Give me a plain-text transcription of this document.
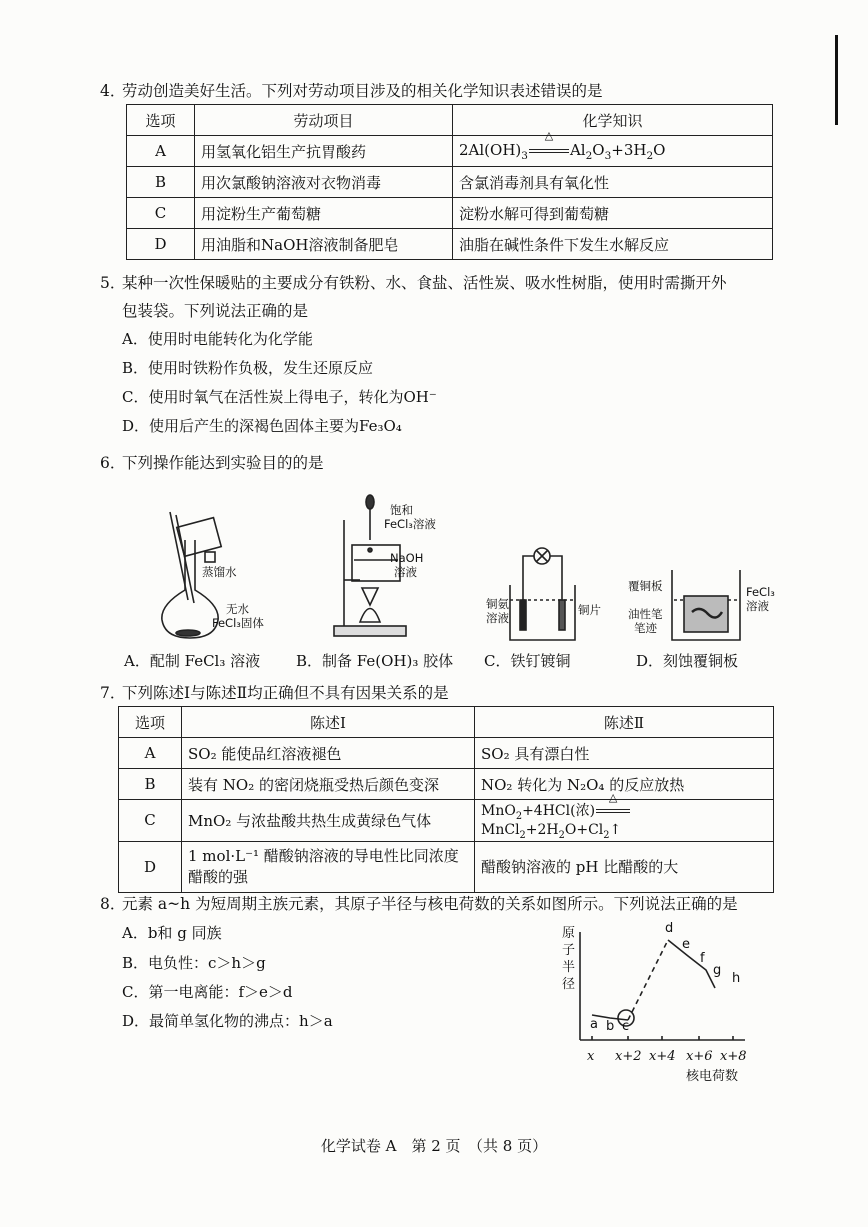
4．劳动创造美好生活。下列对劳动项目涉及的相关化学知识表述错误的是
选项	劳动项目	化学知识
A	用氢氧化铝生产抗胃酸药	$2Al(OH)_3$
△
$Al_2O_3+3H_2O$
B	用次氯酸钠溶液对衣物消毒	含氯消毒剂具有氧化性
C	用淀粉生产葡萄糖	淀粉水解可得到葡萄糖
D	用油脂和NaOH溶液制备肥皂	油脂在碱性条件下发生水解反应
5．某种一次性保暖贴的主要成分有铁粉、水、食盐、活性炭、吸水性树脂，使用时需撕开外
包装袋。下列说法正确的是
A．使用时电能转化为化学能
B．使用时铁粉作负极，发生还原反应
C．使用时氧气在活性炭上得电子，转化为OH⁻
D．使用后产生的深褐色固体主要为Fe₃O₄
6．下列操作能达到实验目的的是
蒸馏水
无水
FeCl₃固体
饱和
FeCl₃溶液
NaOH
溶液
铜氨
溶液
铜片
覆铜板	FeCl₃
溶液
油性笔
笔迹
A．配制 FeCl₃ 溶液 B．制备 Fe(OH)₃ 胶体 C．铁钉镀铜	D．刻蚀覆铜板
7．下列陈述Ⅰ与陈述Ⅱ均正确但不具有因果关系的是
选项	陈述Ⅰ	陈述Ⅱ
A	SO₂ 能使品红溶液褪色	SO₂ 具有漂白性
B	装有 NO₂ 的密闭烧瓶受热后颜色变深	NO₂ 转化为 N₂O₄ 的反应放热
C	MnO₂ 与浓盐酸共热生成黄绿色气体	MnO$_2$+4HCl(浓)
△
$MnCl_2+2H_2O+Cl_2↑$
D	1 mol·L⁻¹ 醋酸钠溶液的导电性比同浓度
醋酸的强	醋酸钠溶液的 pH 比醋酸的大
8．元素 a~h 为短周期主族元素，其原子半径与核电荷数的关系如图所示。下列说法正确的是
A．b和 g 同族
B．电负性：c＞h＞g
C．第一电离能：f＞e＞d
D．最简单氢化物的沸点：h＞a
原子半径
核电荷数
x x+2 x+4 x+6 x+8
a b c
d
e
f
g
h
化学试卷 A　第 2 页　（共 8 页）
